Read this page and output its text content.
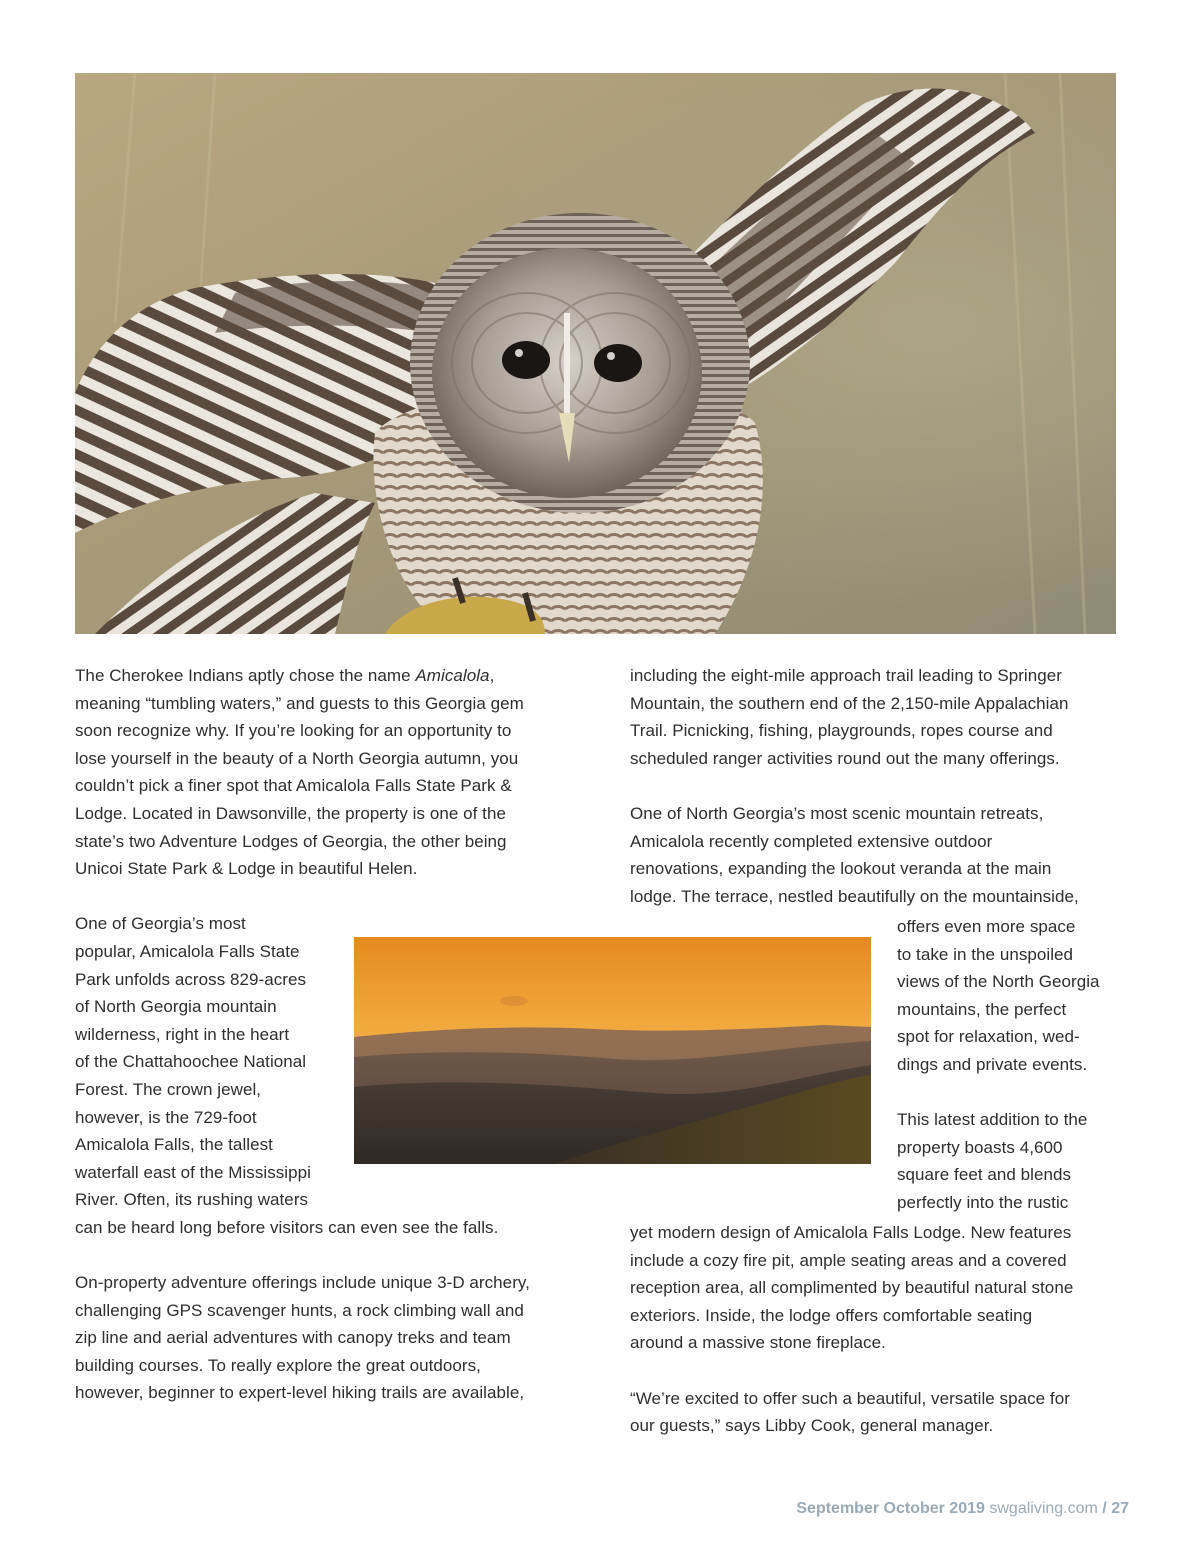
The Cherokee Indians aptly chose the name Amicalola,
meaning “tumbling waters,” and guests to this Georgia gem
soon recognize why. If you’re looking for an opportunity to
lose yourself in the beauty of a North Georgia autumn, you
couldn’t pick a finer spot that Amicalola Falls State Park &
Lodge. Located in Dawsonville, the property is one of the
state’s two Adventure Lodges of Georgia, the other being
Unicoi State Park & Lodge in beautiful Helen.
One of Georgia’s most
popular, Amicalola Falls State
Park unfolds across 829-acres
of North Georgia mountain
wilderness, right in the heart
of the Chattahoochee National
Forest. The crown jewel,
however, is the 729-foot
Amicalola Falls, the tallest
waterfall east of the Mississippi
River. Often, its rushing waters
can be heard long before visitors can even see the falls.
On-property adventure offerings include unique 3-D archery,
challenging GPS scavenger hunts, a rock climbing wall and
zip line and aerial adventures with canopy treks and team
building courses. To really explore the great outdoors,
however, beginner to expert-level hiking trails are available,
including the eight-mile approach trail leading to Springer
Mountain, the southern end of the 2,150-mile Appalachian
Trail. Picnicking, fishing, playgrounds, ropes course and
scheduled ranger activities round out the many offerings.
One of North Georgia’s most scenic mountain retreats,
Amicalola recently completed extensive outdoor
renovations, expanding the lookout veranda at the main
lodge. The terrace, nestled beautifully on the mountainside,
offers even more space
to take in the unspoiled
views of the North Georgia
mountains, the perfect
spot for relaxation, wed-
dings and private events.
This latest addition to the
property boasts 4,600
square feet and blends
perfectly into the rustic
yet modern design of Amicalola Falls Lodge. New features
include a cozy fire pit, ample seating areas and a covered
reception area, all complimented by beautiful natural stone
exteriors. Inside, the lodge offers comfortable seating
around a massive stone fireplace.
“We’re excited to offer such a beautiful, versatile space for
our guests,” says Libby Cook, general manager.
September October 2019 swgaliving.com / 27
